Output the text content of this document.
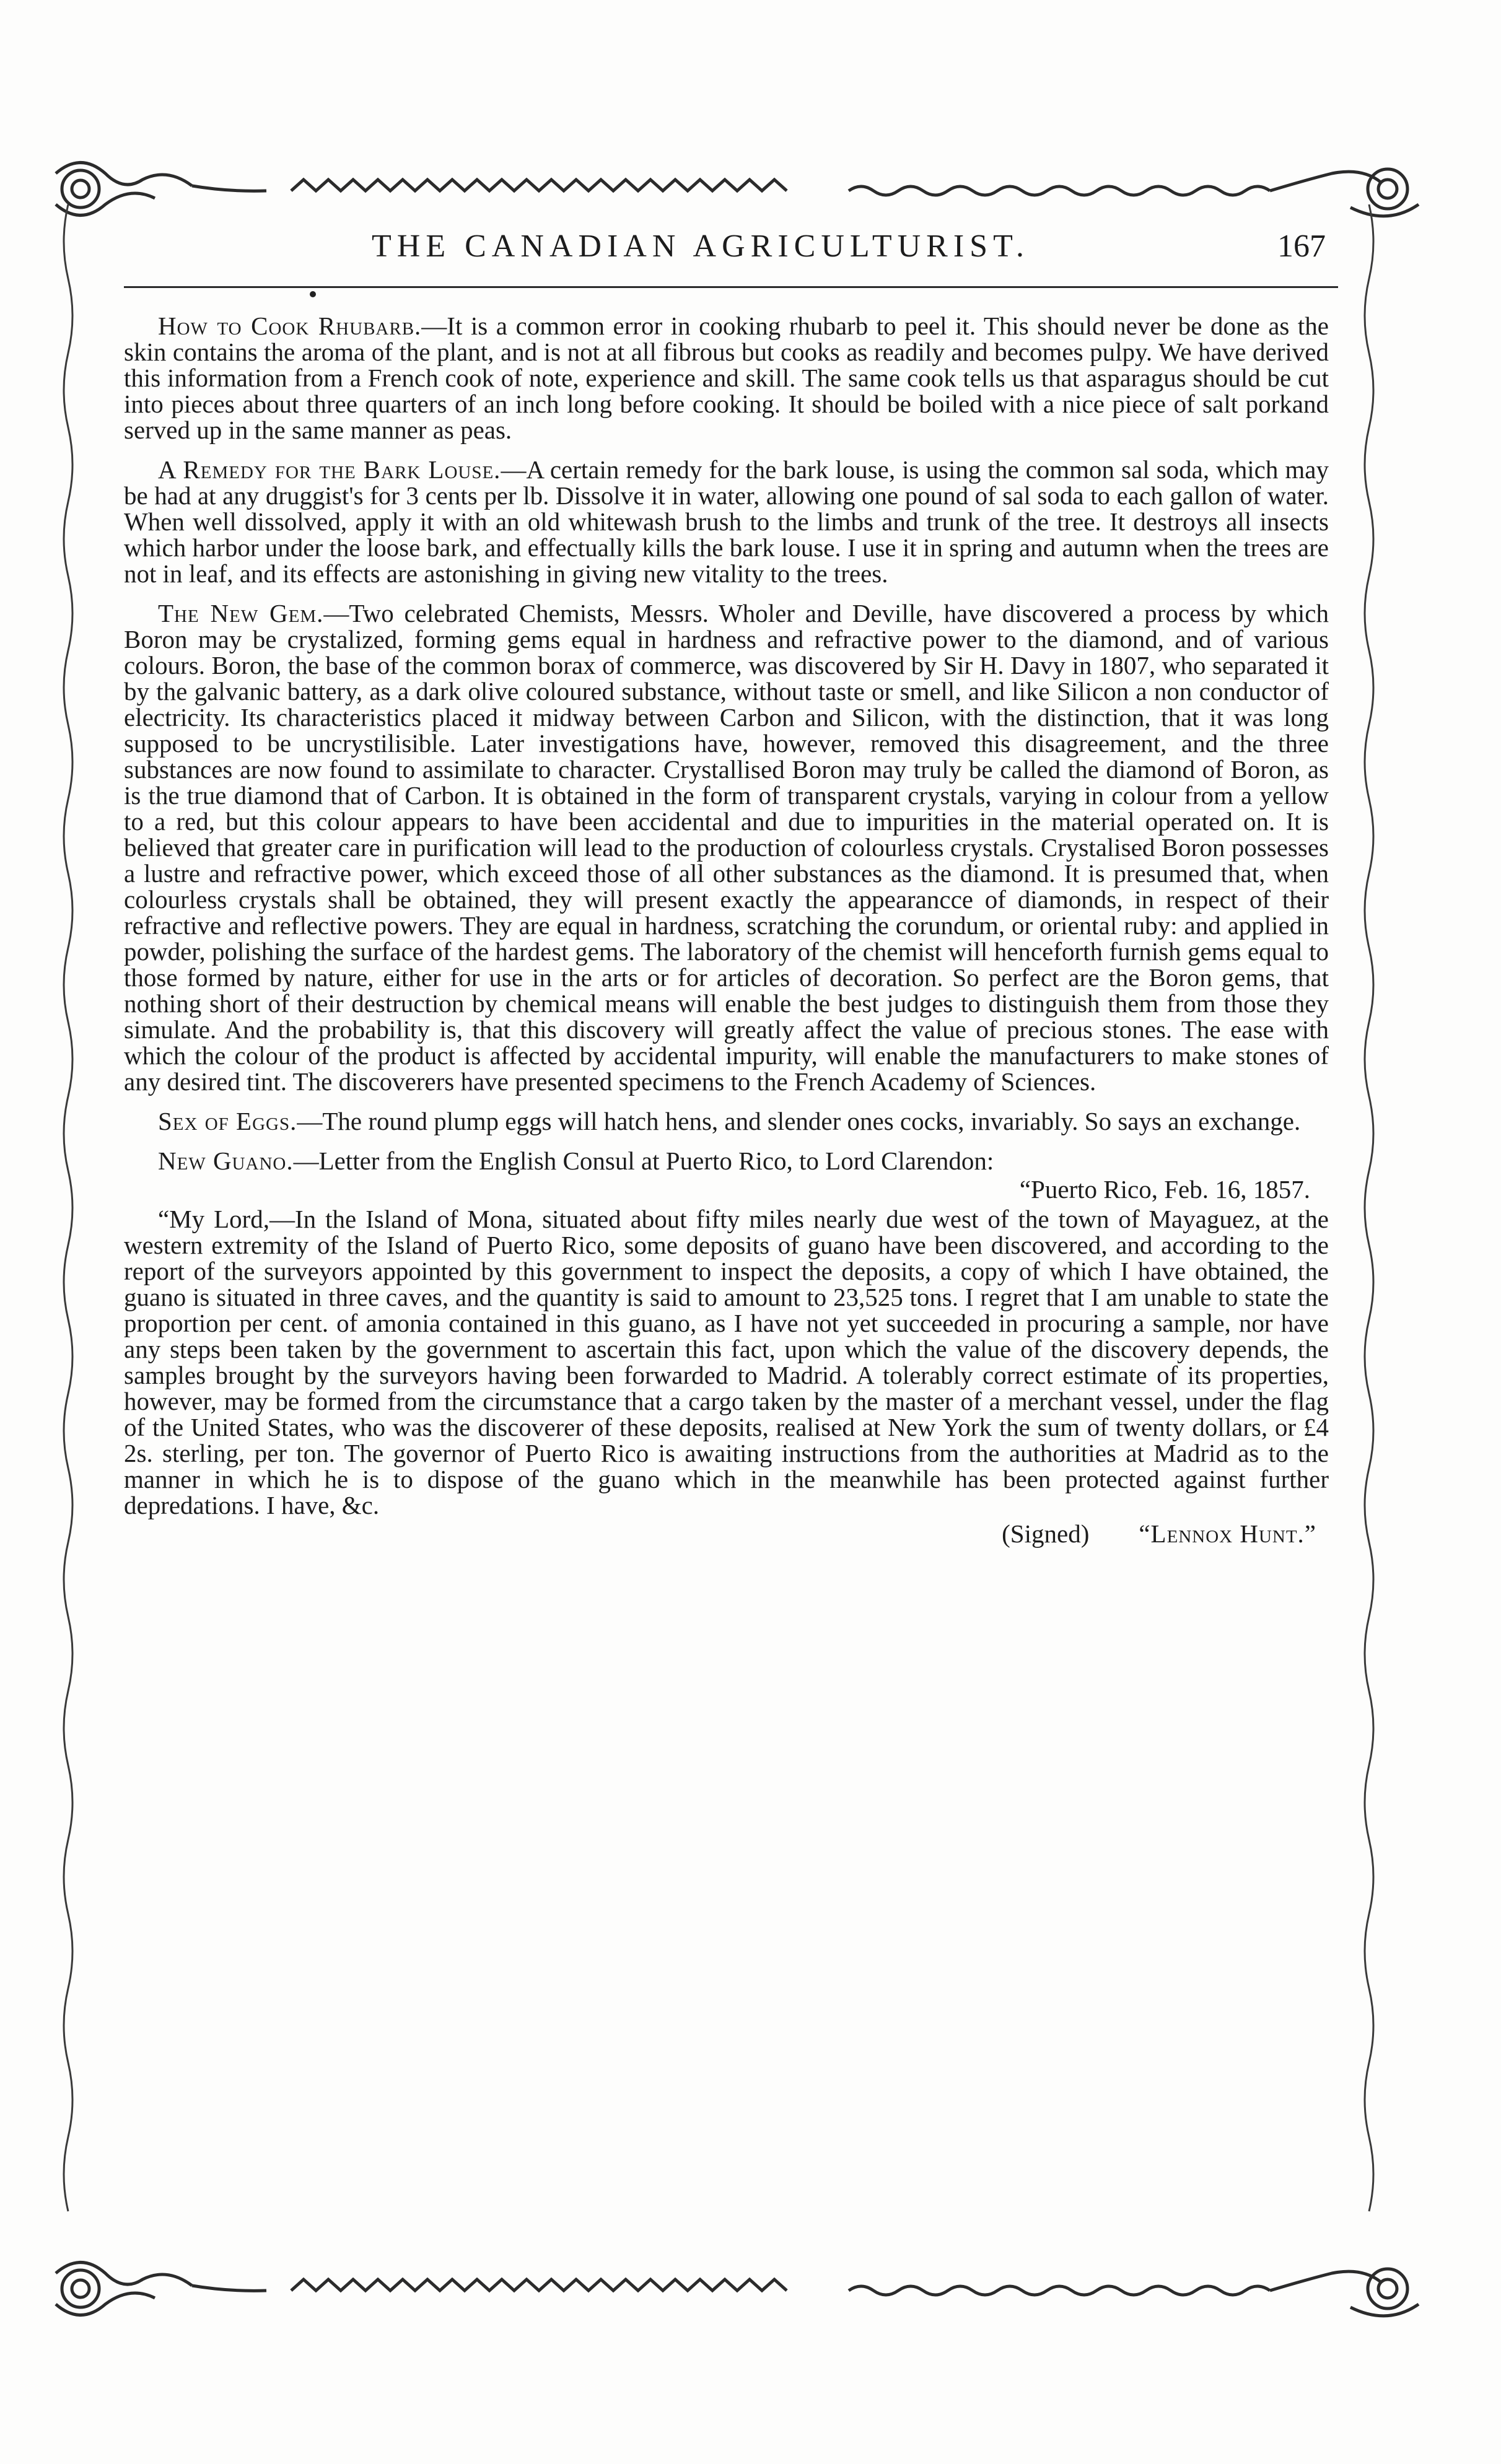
THE CANADIAN AGRICULTURIST.	167

How to Cook Rhubarb.—It is a common error in cooking rhubarb to peel it. This should never be done as the skin contains the aroma of the plant, and is not at all fibrous but cooks as readily and becomes pulpy. We have derived this information from a French cook of note, experience and skill. The same cook tells us that asparagus should be cut into pieces about three quarters of an inch long before cooking. It should be boiled with a nice piece of salt porkand served up in the same manner as peas.

A Remedy for the Bark Louse.—A certain remedy for the bark louse, is using the common sal soda, which may be had at any druggist's for 3 cents per lb. Dissolve it in water, allowing one pound of sal soda to each gallon of water. When well dissolved, apply it with an old whitewash brush to the limbs and trunk of the tree. It destroys all insects which harbor under the loose bark, and effectually kills the bark louse. I use it in spring and autumn when the trees are not in leaf, and its effects are astonishing in giving new vitality to the trees.

The New Gem.—Two celebrated Chemists, Messrs. Wholer and Deville, have discovered a process by which Boron may be crystalized, forming gems equal in hardness and refractive power to the diamond, and of various colours. Boron, the base of the common borax of commerce, was discovered by Sir H. Davy in 1807, who separated it by the galvanic battery, as a dark olive coloured substance, without taste or smell, and like Silicon a non conductor of electricity. Its characteristics placed it midway between Carbon and Silicon, with the distinction, that it was long supposed to be uncrystilisible. Later investigations have, however, removed this disagreement, and the three substances are now found to assimilate to character. Crystallised Boron may truly be called the diamond of Boron, as is the true diamond that of Carbon. It is obtained in the form of transparent crystals, varying in colour from a yellow to a red, but this colour appears to have been accidental and due to impurities in the material operated on. It is believed that greater care in purification will lead to the production of colourless crystals. Crystalised Boron possesses a lustre and refractive power, which exceed those of all other substances as the diamond. It is presumed that, when colourless crystals shall be obtained, they will present exactly the appearancce of diamonds, in respect of their refractive and reflective powers. They are equal in hardness, scratching the corundum, or oriental ruby: and applied in powder, polishing the surface of the hardest gems. The laboratory of the chemist will henceforth furnish gems equal to those formed by nature, either for use in the arts or for articles of decoration. So perfect are the Boron gems, that nothing short of their destruction by chemical means will enable the best judges to distinguish them from those they simulate. And the probability is, that this discovery will greatly affect the value of precious stones. The ease with which the colour of the product is affected by accidental impurity, will enable the manufacturers to make stones of any desired tint. The discoverers have presented specimens to the French Academy of Sciences.

Sex of Eggs.—The round plump eggs will hatch hens, and slender ones cocks, invariably. So says an exchange.

New Guano.—Letter from the English Consul at Puerto Rico, to Lord Clarendon:

“Puerto Rico, Feb. 16, 1857.

“My Lord,—In the Island of Mona, situated about fifty miles nearly due west of the town of Mayaguez, at the western extremity of the Island of Puerto Rico, some deposits of guano have been discovered, and according to the report of the surveyors appointed by this government to inspect the deposits, a copy of which I have obtained, the guano is situated in three caves, and the quantity is said to amount to 23,525 tons. I regret that I am unable to state the proportion per cent. of amonia contained in this guano, as I have not yet succeeded in procuring a sample, nor have any steps been taken by the government to ascertain this fact, upon which the value of the discovery depends, the samples brought by the surveyors having been forwarded to Madrid. A tolerably correct estimate of its properties, however, may be formed from the circumstance that a cargo taken by the master of a merchant vessel, under the flag of the United States, who was the discoverer of these deposits, realised at New York the sum of twenty dollars, or £4 2s. sterling, per ton. The governor of Puerto Rico is awaiting instructions from the authorities at Madrid as to the manner in which he is to dispose of the guano which in the meanwhile has been protected against further depredations. I have, &c.

(Signed) “Lennox Hunt.”
